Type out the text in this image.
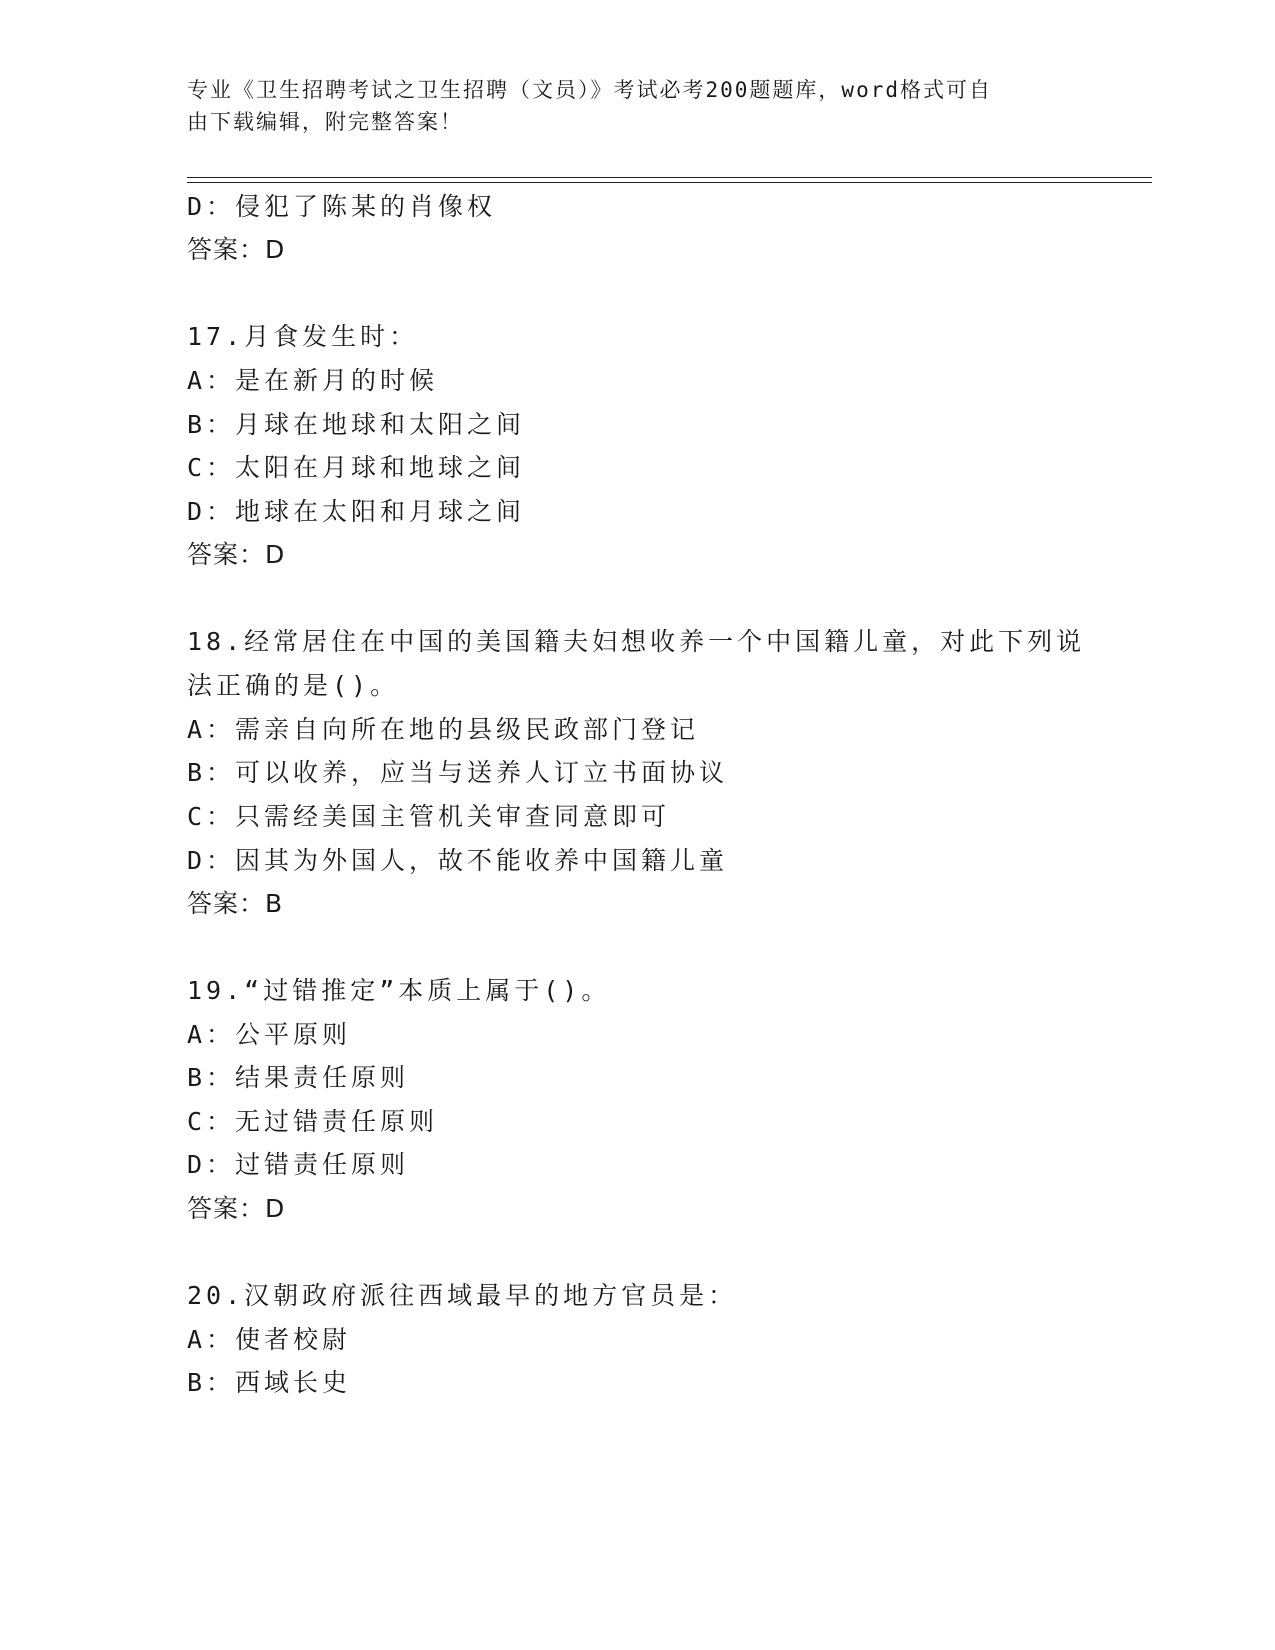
专业《卫生招聘考试之卫生招聘（文员）》考试必考200题题库，word格式可自
由下载编辑，附完整答案！
D：侵犯了陈某的肖像权
答案：D
17.月食发生时：
A：是在新月的时候
B：月球在地球和太阳之间
C：太阳在月球和地球之间
D：地球在太阳和月球之间
答案：D
18.经常居住在中国的美国籍夫妇想收养一个中国籍儿童，对此下列说
法正确的是()。
A：需亲自向所在地的县级民政部门登记
B：可以收养，应当与送养人订立书面协议
C：只需经美国主管机关审查同意即可
D：因其为外国人，故不能收养中国籍儿童
答案：B
19.“过错推定”本质上属于()。
A：公平原则
B：结果责任原则
C：无过错责任原则
D：过错责任原则
答案：D
20.汉朝政府派往西域最早的地方官员是：
A：使者校尉
B：西域长史
